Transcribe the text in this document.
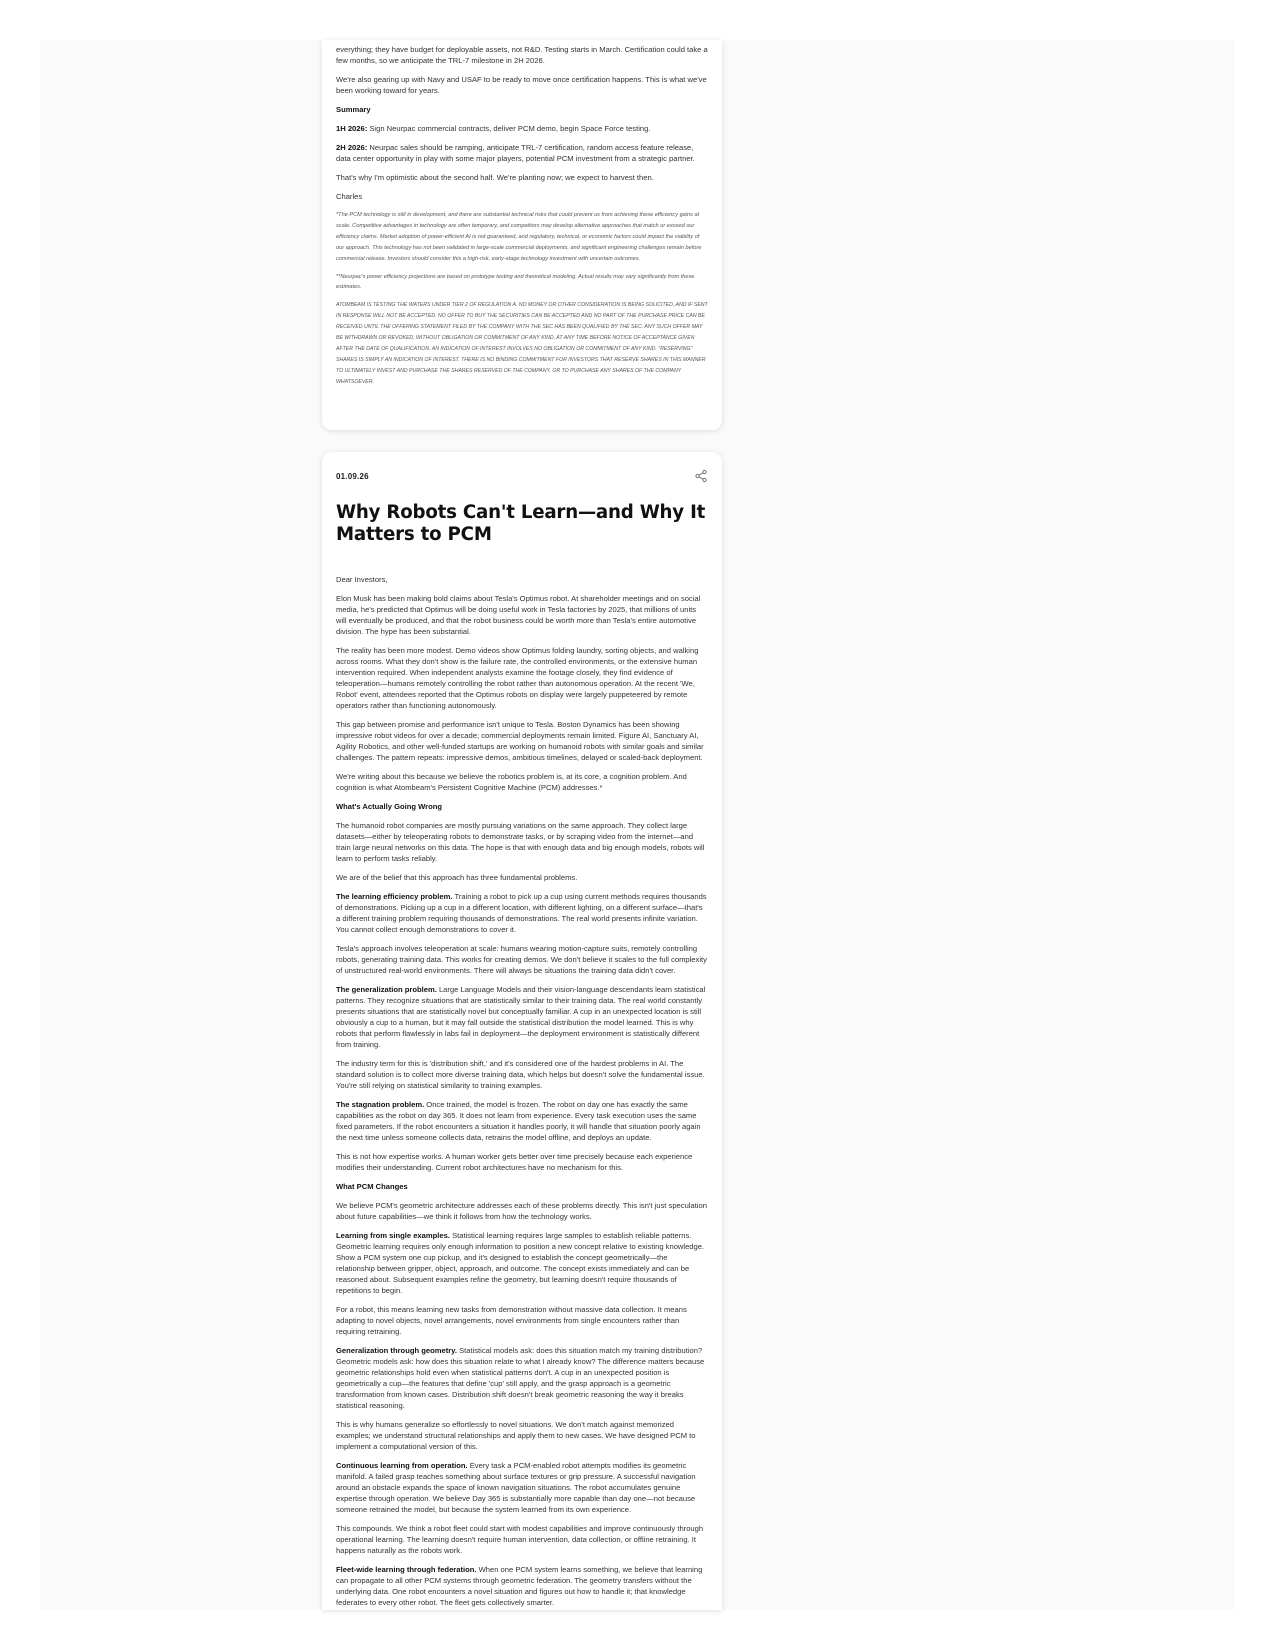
everything; they have budget for deployable assets, not R&D. Testing starts in March. Certification could take a few months, so we anticipate the TRL-7 milestone in 2H 2026.

We're also gearing up with Navy and USAF to be ready to move once certification happens. This is what we've been working toward for years.

Summary

1H 2026: Sign Neurpac commercial contracts, deliver PCM demo, begin Space Force testing.

2H 2026: Neurpac sales should be ramping, anticipate TRL-7 certification, random access feature release, data center opportunity in play with some major players, potential PCM investment from a strategic partner.

That's why I'm optimistic about the second half. We're planting now; we expect to harvest then.

Charles

*The PCM technology is still in development, and there are substantial technical risks that could prevent us from achieving these efficiency gains at scale. Competitive advantages in technology are often temporary, and competitors may develop alternative approaches that match or exceed our efficiency claims. Market adoption of power-efficient AI is not guaranteed, and regulatory, technical, or economic factors could impact the viability of our approach. This technology has not been validated in large-scale commercial deployments, and significant engineering challenges remain before commercial release. Investors should consider this a high-risk, early-stage technology investment with uncertain outcomes.

**Neurpac's power efficiency projections are based on prototype testing and theoretical modeling. Actual results may vary significantly from these estimates.

ATOMBEAM IS TESTING THE WATERS UNDER TIER 2 OF REGULATION A. NO MONEY OR OTHER CONSIDERATION IS BEING SOLICITED, AND IF SENT IN RESPONSE WILL NOT BE ACCEPTED. NO OFFER TO BUY THE SECURITIES CAN BE ACCEPTED AND NO PART OF THE PURCHASE PRICE CAN BE RECEIVED UNTIL THE OFFERING STATEMENT FILED BY THE COMPANY WITH THE SEC HAS BEEN QUALIFIED BY THE SEC. ANY SUCH OFFER MAY BE WITHDRAWN OR REVOKED, WITHOUT OBLIGATION OR COMMITMENT OF ANY KIND, AT ANY TIME BEFORE NOTICE OF ACCEPTANCE GIVEN AFTER THE DATE OF QUALIFICATION. AN INDICATION OF INTEREST INVOLVES NO OBLIGATION OR COMMITMENT OF ANY KIND. "RESERVING" SHARES IS SIMPLY AN INDICATION OF INTEREST. THERE IS NO BINDING COMMITMENT FOR INVESTORS THAT RESERVE SHARES IN THIS MANNER TO ULTIMATELY INVEST AND PURCHASE THE SHARES RESERVED OF THE COMPANY, OR TO PURCHASE ANY SHARES OF THE COMPANY WHATSOEVER.

01.09.26
Why Robots Can't Learn—and Why It Matters to PCM

Dear Investors,

Elon Musk has been making bold claims about Tesla's Optimus robot. At shareholder meetings and on social media, he's predicted that Optimus will be doing useful work in Tesla factories by 2025, that millions of units will eventually be produced, and that the robot business could be worth more than Tesla's entire automotive division. The hype has been substantial.

The reality has been more modest. Demo videos show Optimus folding laundry, sorting objects, and walking across rooms. What they don't show is the failure rate, the controlled environments, or the extensive human intervention required. When independent analysts examine the footage closely, they find evidence of teleoperation—humans remotely controlling the robot rather than autonomous operation. At the recent 'We, Robot' event, attendees reported that the Optimus robots on display were largely puppeteered by remote operators rather than functioning autonomously.

This gap between promise and performance isn't unique to Tesla. Boston Dynamics has been showing impressive robot videos for over a decade; commercial deployments remain limited. Figure AI, Sanctuary AI, Agility Robotics, and other well-funded startups are working on humanoid robots with similar goals and similar challenges. The pattern repeats: impressive demos, ambitious timelines, delayed or scaled-back deployment.

We're writing about this because we believe the robotics problem is, at its core, a cognition problem. And cognition is what Atombeam's Persistent Cognitive Machine (PCM) addresses.*

What's Actually Going Wrong

The humanoid robot companies are mostly pursuing variations on the same approach. They collect large datasets—either by teleoperating robots to demonstrate tasks, or by scraping video from the internet—and train large neural networks on this data. The hope is that with enough data and big enough models, robots will learn to perform tasks reliably.

We are of the belief that this approach has three fundamental problems.

The learning efficiency problem. Training a robot to pick up a cup using current methods requires thousands of demonstrations. Picking up a cup in a different location, with different lighting, on a different surface—that's a different training problem requiring thousands of demonstrations. The real world presents infinite variation. You cannot collect enough demonstrations to cover it.

Tesla's approach involves teleoperation at scale: humans wearing motion-capture suits, remotely controlling robots, generating training data. This works for creating demos. We don't believe it scales to the full complexity of unstructured real-world environments. There will always be situations the training data didn't cover.

The generalization problem. Large Language Models and their vision-language descendants learn statistical patterns. They recognize situations that are statistically similar to their training data. The real world constantly presents situations that are statistically novel but conceptually familiar. A cup in an unexpected location is still obviously a cup to a human, but it may fall outside the statistical distribution the model learned. This is why robots that perform flawlessly in labs fail in deployment—the deployment environment is statistically different from training.

The industry term for this is 'distribution shift,' and it's considered one of the hardest problems in AI. The standard solution is to collect more diverse training data, which helps but doesn't solve the fundamental issue. You're still relying on statistical similarity to training examples.

The stagnation problem. Once trained, the model is frozen. The robot on day one has exactly the same capabilities as the robot on day 365. It does not learn from experience. Every task execution uses the same fixed parameters. If the robot encounters a situation it handles poorly, it will handle that situation poorly again the next time unless someone collects data, retrains the model offline, and deploys an update.

This is not how expertise works. A human worker gets better over time precisely because each experience modifies their understanding. Current robot architectures have no mechanism for this.

What PCM Changes

We believe PCM's geometric architecture addresses each of these problems directly. This isn't just speculation about future capabilities—we think it follows from how the technology works.

Learning from single examples. Statistical learning requires large samples to establish reliable patterns. Geometric learning requires only enough information to position a new concept relative to existing knowledge. Show a PCM system one cup pickup, and it's designed to establish the concept geometrically—the relationship between gripper, object, approach, and outcome. The concept exists immediately and can be reasoned about. Subsequent examples refine the geometry, but learning doesn't require thousands of repetitions to begin.

For a robot, this means learning new tasks from demonstration without massive data collection. It means adapting to novel objects, novel arrangements, novel environments from single encounters rather than requiring retraining.

Generalization through geometry. Statistical models ask: does this situation match my training distribution? Geometric models ask: how does this situation relate to what I already know? The difference matters because geometric relationships hold even when statistical patterns don't. A cup in an unexpected position is geometrically a cup—the features that define 'cup' still apply, and the grasp approach is a geometric transformation from known cases. Distribution shift doesn't break geometric reasoning the way it breaks statistical reasoning.

This is why humans generalize so effortlessly to novel situations. We don't match against memorized examples; we understand structural relationships and apply them to new cases. We have designed PCM to implement a computational version of this.

Continuous learning from operation. Every task a PCM-enabled robot attempts modifies its geometric manifold. A failed grasp teaches something about surface textures or grip pressure. A successful navigation around an obstacle expands the space of known navigation situations. The robot accumulates genuine expertise through operation. We believe Day 365 is substantially more capable than day one—not because someone retrained the model, but because the system learned from its own experience.

This compounds. We think a robot fleet could start with modest capabilities and improve continuously through operational learning. The learning doesn't require human intervention, data collection, or offline retraining. It happens naturally as the robots work.

Fleet-wide learning through federation. When one PCM system learns something, we believe that learning can propagate to all other PCM systems through geometric federation. The geometry transfers without the underlying data. One robot encounters a novel situation and figures out how to handle it; that knowledge federates to every other robot. The fleet gets collectively smarter.
